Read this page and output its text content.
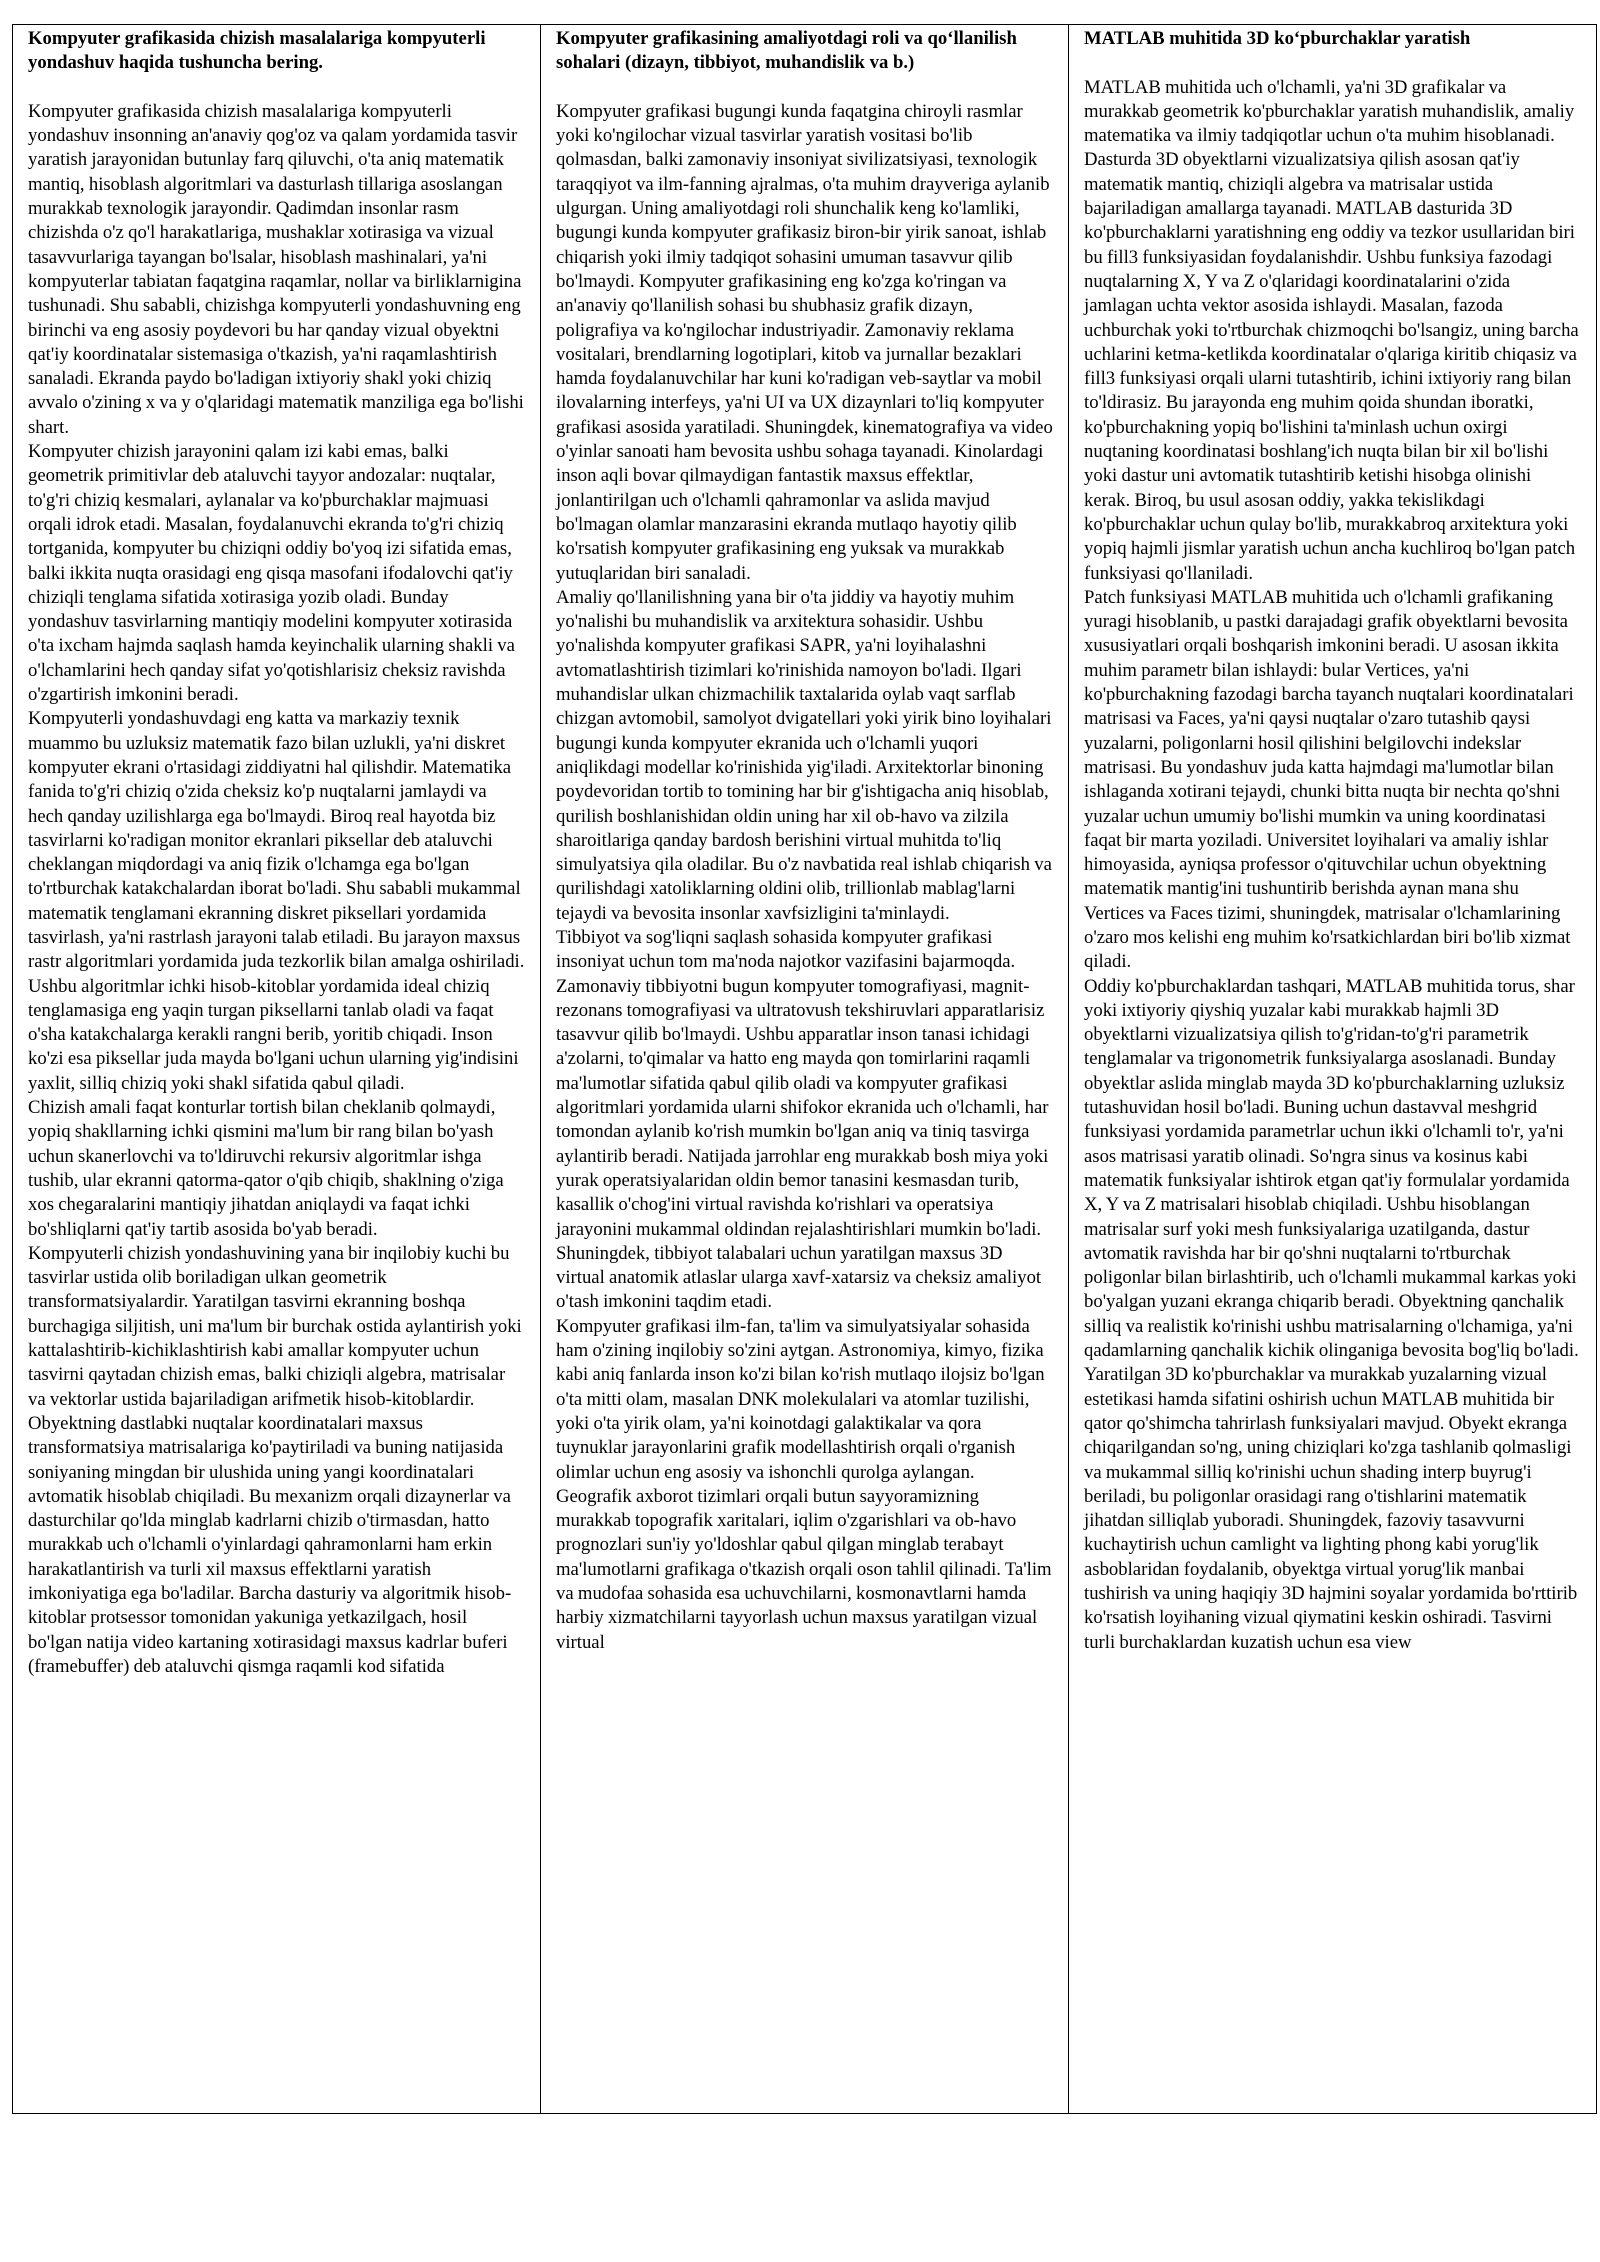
Kompyuter grafikasida chizish masalalariga kompyuterli yondashuv haqida tushuncha bering.

Kompyuter grafikasida chizish masalalariga kompyuterli yondashuv insonning an'anaviy qog'oz va qalam yordamida tasvir yaratish jarayonidan butunlay farq qiluvchi, o'ta aniq matematik mantiq, hisoblash algoritmlari va dasturlash tillariga asoslangan murakkab texnologik jarayondir. Qadimdan insonlar rasm chizishda o'z qo'l harakatlariga, mushaklar xotirasiga va vizual tasavvurlariga tayangan bo'lsalar, hisoblash mashinalari, ya'ni kompyuterlar tabiatan faqatgina raqamlar, nollar va birliklarnigina tushunadi. Shu sababli, chizishga kompyuterli yondashuvning eng birinchi va eng asosiy poydevori bu har qanday vizual obyektni qat'iy koordinatalar sistemasiga o'tkazish, ya'ni raqamlashtirish sanaladi. Ekranda paydo bo'ladigan ixtiyoriy shakl yoki chiziq avvalo o'zining x va y o'qlaridagi matematik manziliga ega bo'lishi shart.

Kompyuter chizish jarayonini qalam izi kabi emas, balki geometrik primitivlar deb ataluvchi tayyor andozalar: nuqtalar, to'g'ri chiziq kesmalari, aylanalar va ko'pburchaklar majmuasi orqali idrok etadi. Masalan, foydalanuvchi ekranda to'g'ri chiziq tortganida, kompyuter bu chiziqni oddiy bo'yoq izi sifatida emas, balki ikkita nuqta orasidagi eng qisqa masofani ifodalovchi qat'iy chiziqli tenglama sifatida xotirasiga yozib oladi. Bunday yondashuv tasvirlarning mantiqiy modelini kompyuter xotirasida o'ta ixcham hajmda saqlash hamda keyinchalik ularning shakli va o'lchamlarini hech qanday sifat yo'qotishlarisiz cheksiz ravishda o'zgartirish imkonini beradi.

Kompyuterli yondashuvdagi eng katta va markaziy texnik muammo bu uzluksiz matematik fazo bilan uzlukli, ya'ni diskret kompyuter ekrani o'rtasidagi ziddiyatni hal qilishdir. Matematika fanida to'g'ri chiziq o'zida cheksiz ko'p nuqtalarni jamlaydi va hech qanday uzilishlarga ega bo'lmaydi. Biroq real hayotda biz tasvirlarni ko'radigan monitor ekranlari piksellar deb ataluvchi cheklangan miqdordagi va aniq fizik o'lchamga ega bo'lgan to'rtburchak katakchalardan iborat bo'ladi. Shu sababli mukammal matematik tenglamani ekranning diskret piksellari yordamida tasvirlash, ya'ni rastrlash jarayoni talab etiladi. Bu jarayon maxsus rastr algoritmlari yordamida juda tezkorlik bilan amalga oshiriladi. Ushbu algoritmlar ichki hisob-kitoblar yordamida ideal chiziq tenglamasiga eng yaqin turgan piksellarni tanlab oladi va faqat o'sha katakchalarga kerakli rangni berib, yoritib chiqadi. Inson ko'zi esa piksellar juda mayda bo'lgani uchun ularning yig'indisini yaxlit, silliq chiziq yoki shakl sifatida qabul qiladi.

Chizish amali faqat konturlar tortish bilan cheklanib qolmaydi, yopiq shakllarning ichki qismini ma'lum bir rang bilan bo'yash uchun skanerlovchi va to'ldiruvchi rekursiv algoritmlar ishga tushib, ular ekranni qatorma-qator o'qib chiqib, shaklning o'ziga xos chegaralarini mantiqiy jihatdan aniqlaydi va faqat ichki bo'shliqlarni qat'iy tartib asosida bo'yab beradi.

Kompyuterli chizish yondashuvining yana bir inqilobiy kuchi bu tasvirlar ustida olib boriladigan ulkan geometrik transformatsiyalardir. Yaratilgan tasvirni ekranning boshqa burchagiga siljitish, uni ma'lum bir burchak ostida aylantirish yoki kattalashtirib-kichiklashtirish kabi amallar kompyuter uchun tasvirni qaytadan chizish emas, balki chiziqli algebra, matrisalar va vektorlar ustida bajariladigan arifmetik hisob-kitoblardir. Obyektning dastlabki nuqtalar koordinatalari maxsus transformatsiya matrisalariga ko'paytiriladi va buning natijasida soniyaning mingdan bir ulushida uning yangi koordinatalari avtomatik hisoblab chiqiladi. Bu mexanizm orqali dizaynerlar va dasturchilar qo'lda minglab kadrlarni chizib o'tirmasdan, hatto murakkab uch o'lchamli o'yinlardagi qahramonlarni ham erkin harakatlantirish va turli xil maxsus effektlarni yaratish imkoniyatiga ega bo'ladilar. Barcha dasturiy va algoritmik hisob-kitoblar protsessor tomonidan yakuniga yetkazilgach, hosil bo'lgan natija video kartaning xotirasidagi maxsus kadrlar buferi (framebuffer) deb ataluvchi qismga raqamli kod sifatida

Kompyuter grafikasining amaliyotdagi roli va qo‘llanilish sohalari (dizayn, tibbiyot, muhandislik va b.)

Kompyuter grafikasi bugungi kunda faqatgina chiroyli rasmlar yoki ko'ngilochar vizual tasvirlar yaratish vositasi bo'lib qolmasdan, balki zamonaviy insoniyat sivilizatsiyasi, texnologik taraqqiyot va ilm-fanning ajralmas, o'ta muhim drayveriga aylanib ulgurgan. Uning amaliyotdagi roli shunchalik keng ko'lamliki, bugungi kunda kompyuter grafikasiz biron-bir yirik sanoat, ishlab chiqarish yoki ilmiy tadqiqot sohasini umuman tasavvur qilib bo'lmaydi. Kompyuter grafikasining eng ko'zga ko'ringan va an'anaviy qo'llanilish sohasi bu shubhasiz grafik dizayn, poligrafiya va ko'ngilochar industriyadir. Zamonaviy reklama vositalari, brendlarning logotiplari, kitob va jurnallar bezaklari hamda foydalanuvchilar har kuni ko'radigan veb-saytlar va mobil ilovalarning interfeys, ya'ni UI va UX dizaynlari to'liq kompyuter grafikasi asosida yaratiladi. Shuningdek, kinematografiya va video o'yinlar sanoati ham bevosita ushbu sohaga tayanadi. Kinolardagi inson aqli bovar qilmaydigan fantastik maxsus effektlar, jonlantirilgan uch o'lchamli qahramonlar va aslida mavjud bo'lmagan olamlar manzarasini ekranda mutlaqo hayotiy qilib ko'rsatish kompyuter grafikasining eng yuksak va murakkab yutuqlaridan biri sanaladi.

Amaliy qo'llanilishning yana bir o'ta jiddiy va hayotiy muhim yo'nalishi bu muhandislik va arxitektura sohasidir. Ushbu yo'nalishda kompyuter grafikasi SAPR, ya'ni loyihalashni avtomatlashtirish tizimlari ko'rinishida namoyon bo'ladi. Ilgari muhandislar ulkan chizmachilik taxtalarida oylab vaqt sarflab chizgan avtomobil, samolyot dvigatellari yoki yirik bino loyihalari bugungi kunda kompyuter ekranida uch o'lchamli yuqori aniqlikdagi modellar ko'rinishida yig'iladi. Arxitektorlar binoning poydevoridan tortib to tomining har bir g'ishtigacha aniq hisoblab, qurilish boshlanishidan oldin uning har xil ob-havo va zilzila sharoitlariga qanday bardosh berishini virtual muhitda to'liq simulyatsiya qila oladilar. Bu o'z navbatida real ishlab chiqarish va qurilishdagi xatoliklarning oldini olib, trillionlab mablag'larni tejaydi va bevosita insonlar xavfsizligini ta'minlaydi.

Tibbiyot va sog'liqni saqlash sohasida kompyuter grafikasi insoniyat uchun tom ma'noda najotkor vazifasini bajarmoqda. Zamonaviy tibbiyotni bugun kompyuter tomografiyasi, magnit-rezonans tomografiyasi va ultratovush tekshiruvlari apparatlarisiz tasavvur qilib bo'lmaydi. Ushbu apparatlar inson tanasi ichidagi a'zolarni, to'qimalar va hatto eng mayda qon tomirlarini raqamli ma'lumotlar sifatida qabul qilib oladi va kompyuter grafikasi algoritmlari yordamida ularni shifokor ekranida uch o'lchamli, har tomondan aylanib ko'rish mumkin bo'lgan aniq va tiniq tasvirga aylantirib beradi. Natijada jarrohlar eng murakkab bosh miya yoki yurak operatsiyalaridan oldin bemor tanasini kesmasdan turib, kasallik o'chog'ini virtual ravishda ko'rishlari va operatsiya jarayonini mukammal oldindan rejalashtirishlari mumkin bo'ladi. Shuningdek, tibbiyot talabalari uchun yaratilgan maxsus 3D virtual anatomik atlaslar ularga xavf-xatarsiz va cheksiz amaliyot o'tash imkonini taqdim etadi.

Kompyuter grafikasi ilm-fan, ta'lim va simulyatsiyalar sohasida ham o'zining inqilobiy so'zini aytgan. Astronomiya, kimyo, fizika kabi aniq fanlarda inson ko'zi bilan ko'rish mutlaqo ilojsiz bo'lgan o'ta mitti olam, masalan DNK molekulalari va atomlar tuzilishi, yoki o'ta yirik olam, ya'ni koinotdagi galaktikalar va qora tuynuklar jarayonlarini grafik modellashtirish orqali o'rganish olimlar uchun eng asosiy va ishonchli qurolga aylangan. Geografik axborot tizimlari orqali butun sayyoramizning murakkab topografik xaritalari, iqlim o'zgarishlari va ob-havo prognozlari sun'iy yo'ldoshlar qabul qilgan minglab terabayt ma'lumotlarni grafikaga o'tkazish orqali oson tahlil qilinadi. Ta'lim va mudofaa sohasida esa uchuvchilarni, kosmonavtlarni hamda harbiy xizmatchilarni tayyorlash uchun maxsus yaratilgan vizual virtual

MATLAB muhitida 3D ko‘pburchaklar yaratish

MATLAB muhitida uch o'lchamli, ya'ni 3D grafikalar va murakkab geometrik ko'pburchaklar yaratish muhandislik, amaliy matematika va ilmiy tadqiqotlar uchun o'ta muhim hisoblanadi. Dasturda 3D obyektlarni vizualizatsiya qilish asosan qat'iy matematik mantiq, chiziqli algebra va matrisalar ustida bajariladigan amallarga tayanadi. MATLAB dasturida 3D ko'pburchaklarni yaratishning eng oddiy va tezkor usullaridan biri bu fill3 funksiyasidan foydalanishdir. Ushbu funksiya fazodagi nuqtalarning X, Y va Z o'qlaridagi koordinatalarini o'zida jamlagan uchta vektor asosida ishlaydi. Masalan, fazoda uchburchak yoki to'rtburchak chizmoqchi bo'lsangiz, uning barcha uchlarini ketma-ketlikda koordinatalar o'qlariga kiritib chiqasiz va fill3 funksiyasi orqali ularni tutashtirib, ichini ixtiyoriy rang bilan to'ldirasiz. Bu jarayonda eng muhim qoida shundan iboratki, ko'pburchakning yopiq bo'lishini ta'minlash uchun oxirgi nuqtaning koordinatasi boshlang'ich nuqta bilan bir xil bo'lishi yoki dastur uni avtomatik tutashtirib ketishi hisobga olinishi kerak. Biroq, bu usul asosan oddiy, yakka tekislikdagi ko'pburchaklar uchun qulay bo'lib, murakkabroq arxitektura yoki yopiq hajmli jismlar yaratish uchun ancha kuchliroq bo'lgan patch funksiyasi qo'llaniladi.

Patch funksiyasi MATLAB muhitida uch o'lchamli grafikaning yuragi hisoblanib, u pastki darajadagi grafik obyektlarni bevosita xususiyatlari orqali boshqarish imkonini beradi. U asosan ikkita muhim parametr bilan ishlaydi: bular Vertices, ya'ni ko'pburchakning fazodagi barcha tayanch nuqtalari koordinatalari matrisasi va Faces, ya'ni qaysi nuqtalar o'zaro tutashib qaysi yuzalarni, poligonlarni hosil qilishini belgilovchi indekslar matrisasi. Bu yondashuv juda katta hajmdagi ma'lumotlar bilan ishlaganda xotirani tejaydi, chunki bitta nuqta bir nechta qo'shni yuzalar uchun umumiy bo'lishi mumkin va uning koordinatasi faqat bir marta yoziladi. Universitet loyihalari va amaliy ishlar himoyasida, ayniqsa professor o'qituvchilar uchun obyektning matematik mantig'ini tushuntirib berishda aynan mana shu Vertices va Faces tizimi, shuningdek, matrisalar o'lchamlarining o'zaro mos kelishi eng muhim ko'rsatkichlardan biri bo'lib xizmat qiladi.

Oddiy ko'pburchaklardan tashqari, MATLAB muhitida torus, shar yoki ixtiyoriy qiyshiq yuzalar kabi murakkab hajmli 3D obyektlarni vizualizatsiya qilish to'g'ridan-to'g'ri parametrik tenglamalar va trigonometrik funksiyalarga asoslanadi. Bunday obyektlar aslida minglab mayda 3D ko'pburchaklarning uzluksiz tutashuvidan hosil bo'ladi. Buning uchun dastavval meshgrid funksiyasi yordamida parametrlar uchun ikki o'lchamli to'r, ya'ni asos matrisasi yaratib olinadi. So'ngra sinus va kosinus kabi matematik funksiyalar ishtirok etgan qat'iy formulalar yordamida X, Y va Z matrisalari hisoblab chiqiladi. Ushbu hisoblangan matrisalar surf yoki mesh funksiyalariga uzatilganda, dastur avtomatik ravishda har bir qo'shni nuqtalarni to'rtburchak poligonlar bilan birlashtirib, uch o'lchamli mukammal karkas yoki bo'yalgan yuzani ekranga chiqarib beradi. Obyektning qanchalik silliq va realistik ko'rinishi ushbu matrisalarning o'lchamiga, ya'ni qadamlarning qanchalik kichik olinganiga bevosita bog'liq bo'ladi.

Yaratilgan 3D ko'pburchaklar va murakkab yuzalarning vizual estetikasi hamda sifatini oshirish uchun MATLAB muhitida bir qator qo'shimcha tahrirlash funksiyalari mavjud. Obyekt ekranga chiqarilgandan so'ng, uning chiziqlari ko'zga tashlanib qolmasligi va mukammal silliq ko'rinishi uchun shading interp buyrug'i beriladi, bu poligonlar orasidagi rang o'tishlarini matematik jihatdan silliqlab yuboradi. Shuningdek, fazoviy tasavvurni kuchaytirish uchun camlight va lighting phong kabi yorug'lik asboblaridan foydalanib, obyektga virtual yorug'lik manbai tushirish va uning haqiqiy 3D hajmini soyalar yordamida bo'rttirib ko'rsatish loyihaning vizual qiymatini keskin oshiradi. Tasvirni turli burchaklardan kuzatish uchun esa view
